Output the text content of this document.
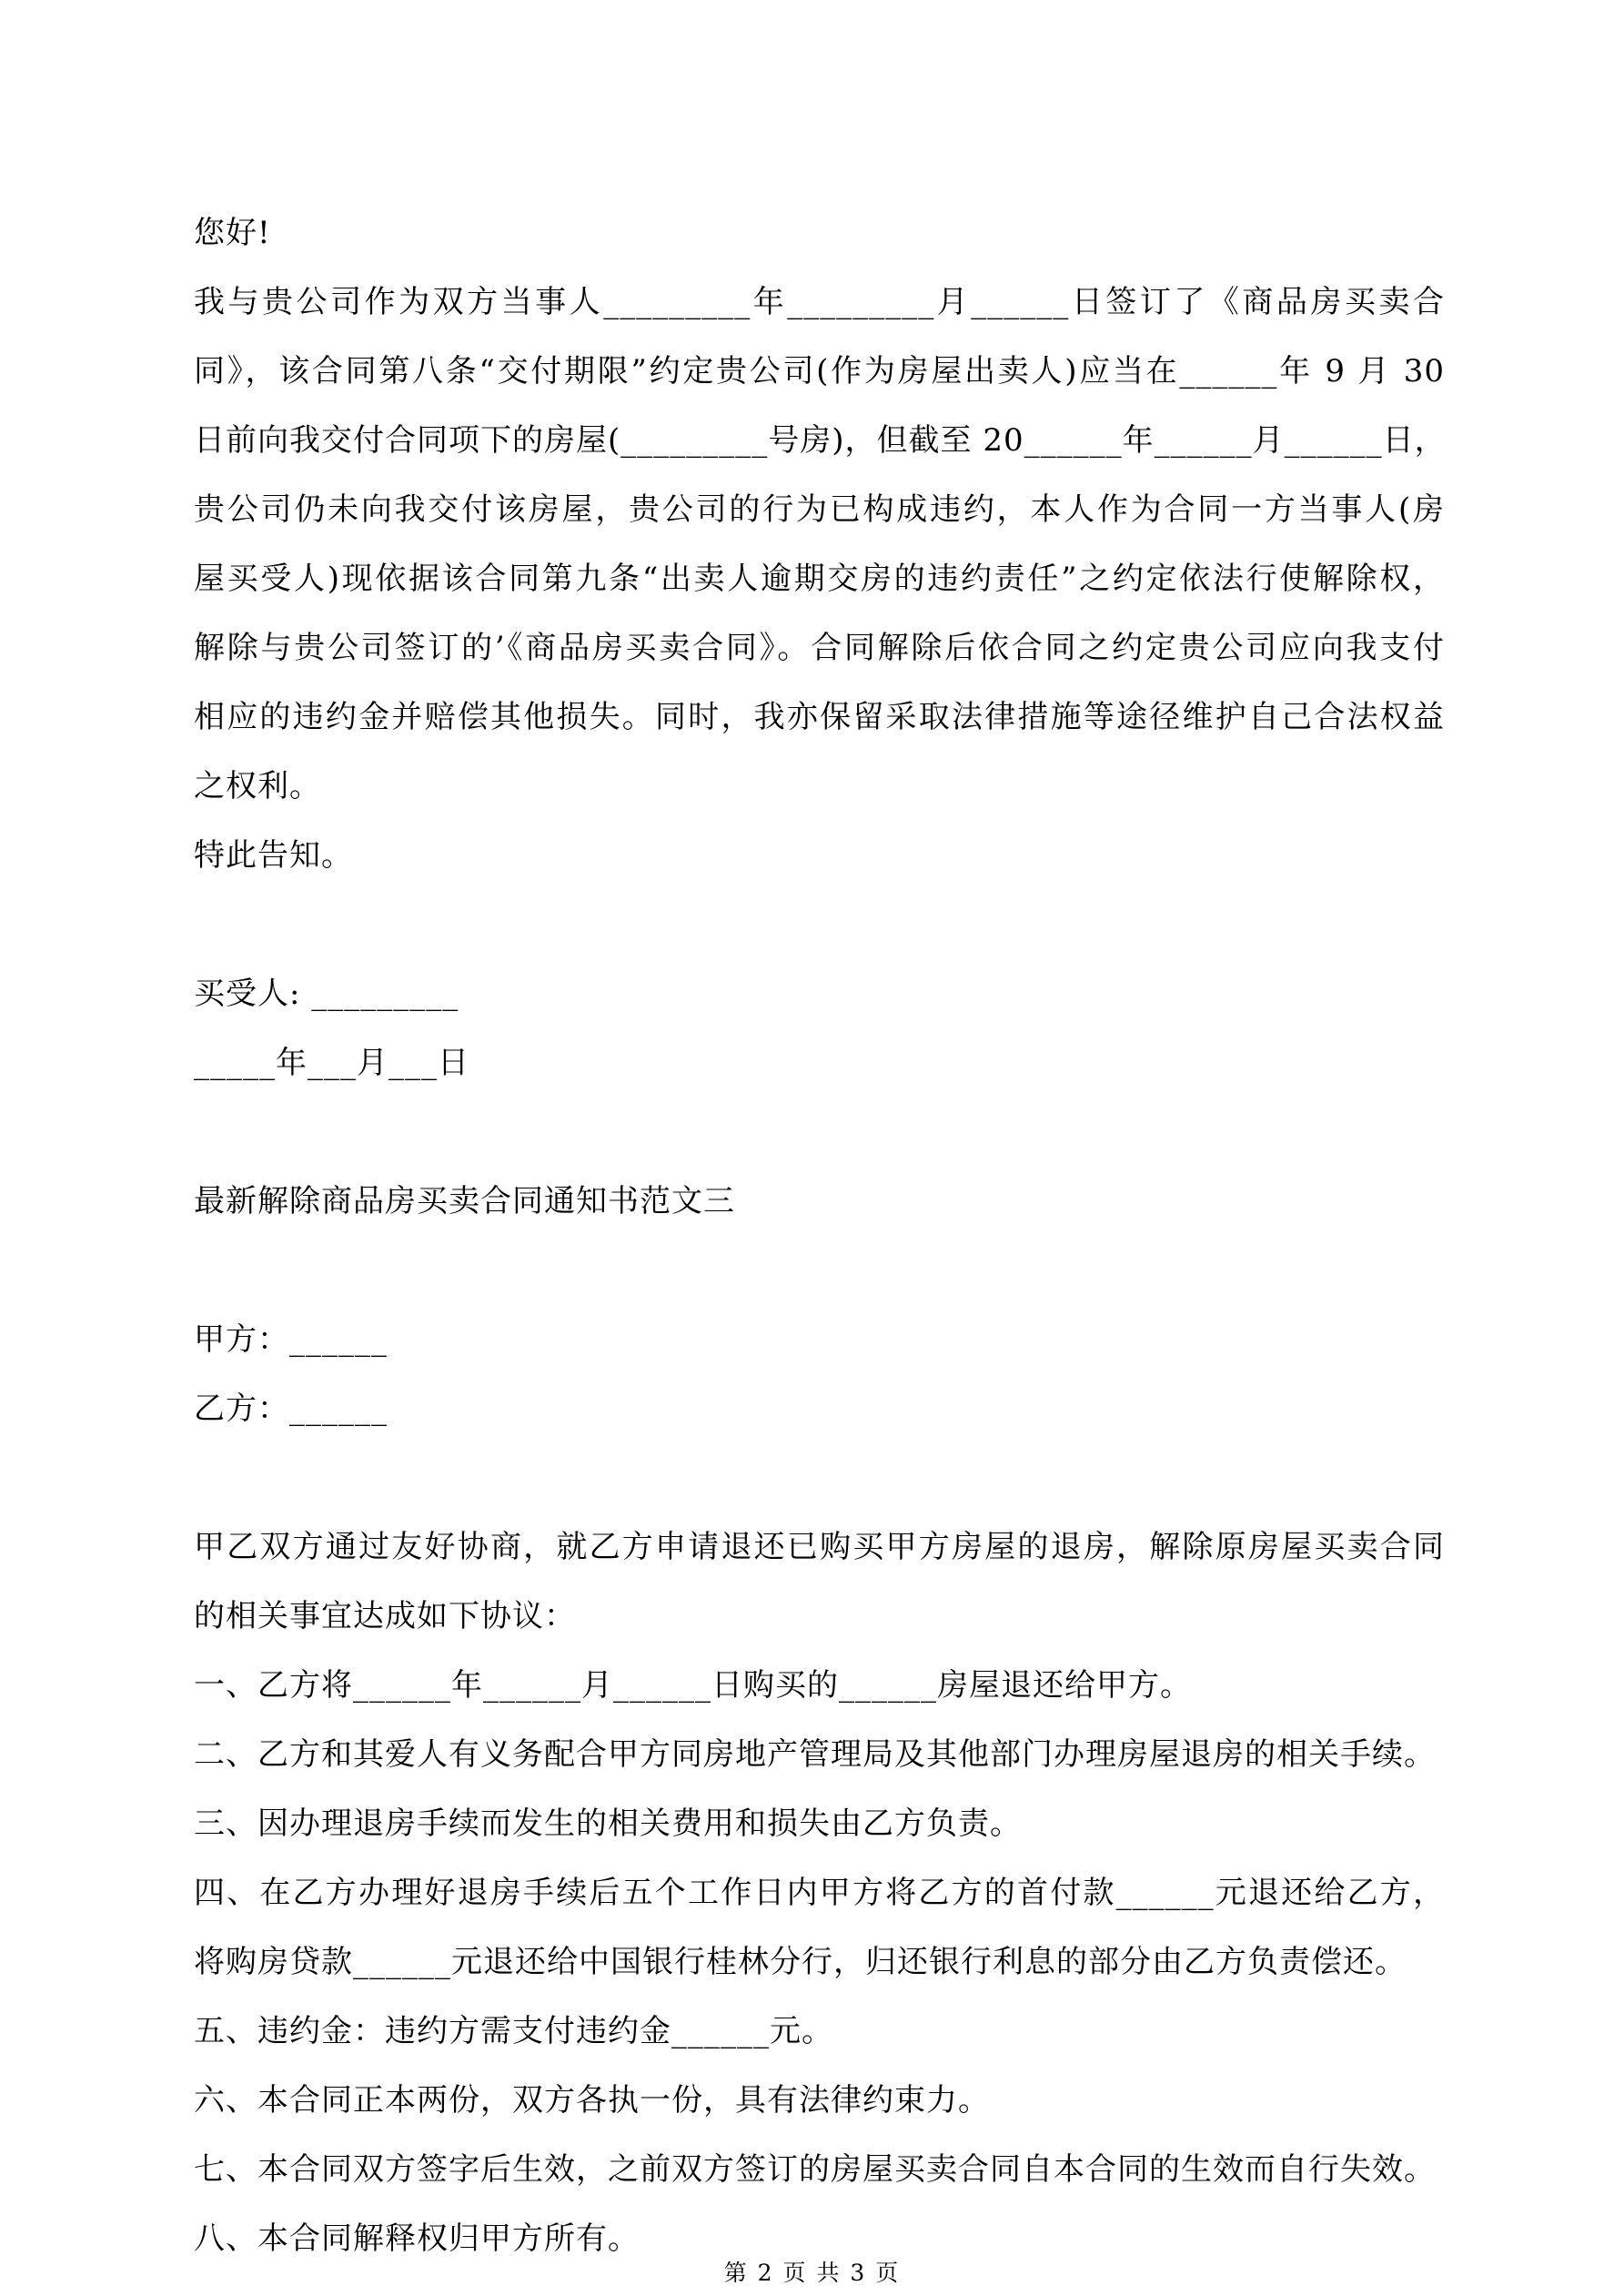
您好!
我与贵公司作为双方当事人_________年_________月______日签订了《商品房买卖合
同》，该合同第八条“交付期限”约定贵公司(作为房屋出卖人)应当在______年 9 月 30
日前向我交付合同项下的房屋(_________号房)，但截至 20______年______月______日，
贵公司仍未向我交付该房屋，贵公司的行为已构成违约，本人作为合同一方当事人(房
屋买受人)现依据该合同第九条“出卖人逾期交房的违约责任”之约定依法行使解除权，
解除与贵公司签订的’《商品房买卖合同》。合同解除后依合同之约定贵公司应向我支付
相应的违约金并赔偿其他损失。同时，我亦保留采取法律措施等途径维护自己合法权益
之权利。
特此告知。
买受人: _________
_____年___月___日
最新解除商品房买卖合同通知书范文三
甲方：______
乙方：______
甲乙双方通过友好协商，就乙方申请退还已购买甲方房屋的退房，解除原房屋买卖合同
的相关事宜达成如下协议：
一、乙方将______年______月______日购买的______房屋退还给甲方。
二、乙方和其爱人有义务配合甲方同房地产管理局及其他部门办理房屋退房的相关手续。
三、因办理退房手续而发生的相关费用和损失由乙方负责。
四、在乙方办理好退房手续后五个工作日内甲方将乙方的首付款______元退还给乙方，
将购房贷款______元退还给中国银行桂林分行，归还银行利息的部分由乙方负责偿还。
五、违约金：违约方需支付违约金______元。
六、本合同正本两份，双方各执一份，具有法律约束力。
七、本合同双方签字后生效，之前双方签订的房屋买卖合同自本合同的生效而自行失效。
八、本合同解释权归甲方所有。
第 2 页 共 3 页
